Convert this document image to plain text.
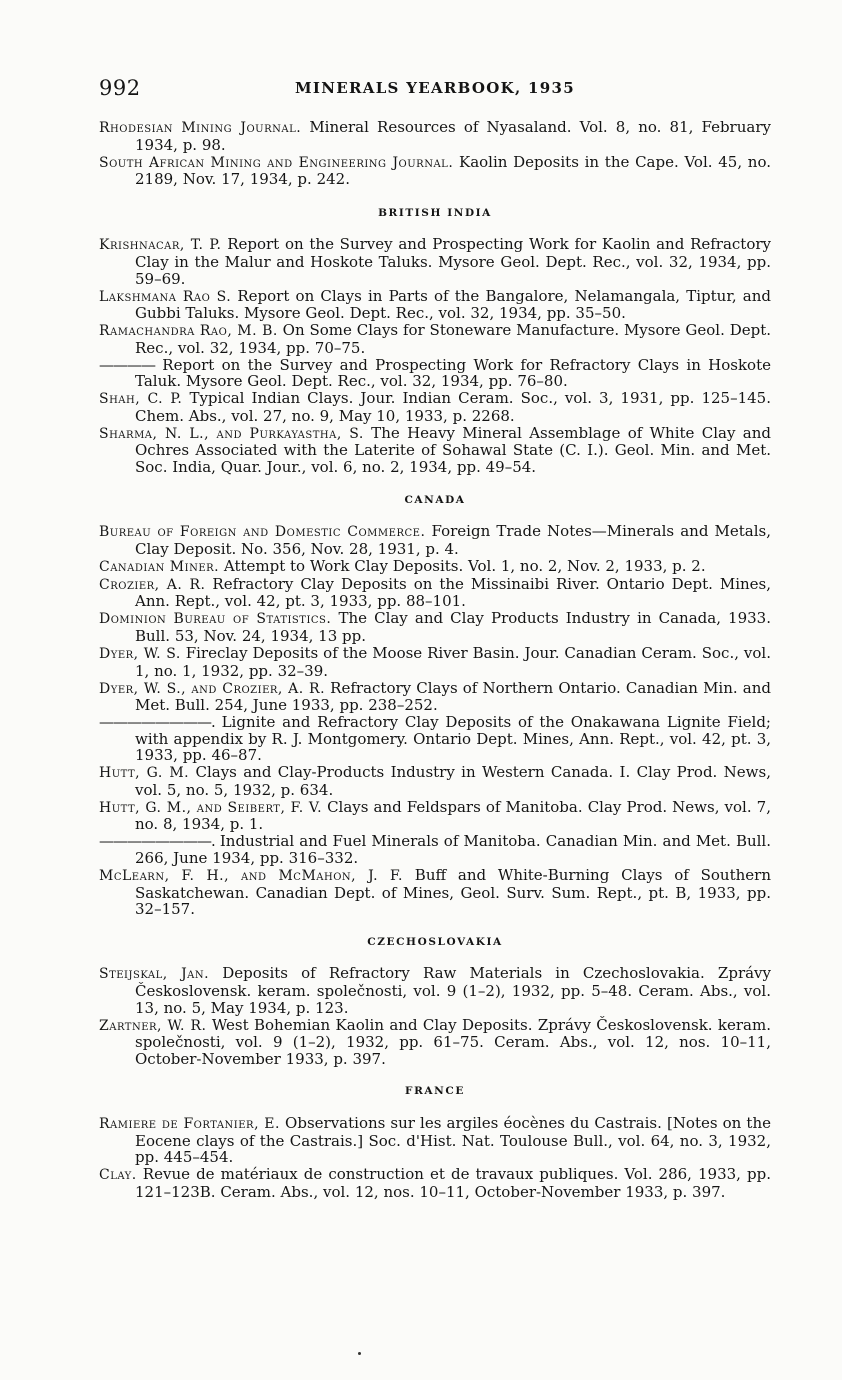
992	MINERALS YEARBOOK, 1935

Rhodesian Mining Journal. Mineral Resources of Nyasaland. Vol. 8, no. 81, February 1934, p. 98.

South African Mining and Engineering Journal. Kaolin Deposits in the Cape. Vol. 45, no. 2189, Nov. 17, 1934, p. 242.

BRITISH INDIA

Krishnacar, T. P. Report on the Survey and Prospecting Work for Kaolin and Refractory Clay in the Malur and Hoskote Taluks. Mysore Geol. Dept. Rec., vol. 32, 1934, pp. 59–69.

Lakshmana Rao S. Report on Clays in Parts of the Bangalore, Nelamangala, Tiptur, and Gubbi Taluks. Mysore Geol. Dept. Rec., vol. 32, 1934, pp. 35–50.

Ramachandra Rao, M. B. On Some Clays for Stoneware Manufacture. Mysore Geol. Dept. Rec., vol. 32, 1934, pp. 70–75.

———— Report on the Survey and Prospecting Work for Refractory Clays in Hoskote Taluk. Mysore Geol. Dept. Rec., vol. 32, 1934, pp. 76–80.

Shah, C. P. Typical Indian Clays. Jour. Indian Ceram. Soc., vol. 3, 1931, pp. 125–145. Chem. Abs., vol. 27, no. 9, May 10, 1933, p. 2268.

Sharma, N. L., and Purkayastha, S. The Heavy Mineral Assemblage of White Clay and Ochres Associated with the Laterite of Sohawal State (C. I.). Geol. Min. and Met. Soc. India, Quar. Jour., vol. 6, no. 2, 1934, pp. 49–54.

CANADA

Bureau of Foreign and Domestic Commerce. Foreign Trade Notes—Minerals and Metals, Clay Deposit. No. 356, Nov. 28, 1931, p. 4.

Canadian Miner. Attempt to Work Clay Deposits. Vol. 1, no. 2, Nov. 2, 1933, p. 2.

Crozier, A. R. Refractory Clay Deposits on the Missinaibi River. Ontario Dept. Mines, Ann. Rept., vol. 42, pt. 3, 1933, pp. 88–101.

Dominion Bureau of Statistics. The Clay and Clay Products Industry in Canada, 1933. Bull. 53, Nov. 24, 1934, 13 pp.

Dyer, W. S. Fireclay Deposits of the Moose River Basin. Jour. Canadian Ceram. Soc., vol. 1, no. 1, 1932, pp. 32–39.

Dyer, W. S., and Crozier, A. R. Refractory Clays of Northern Ontario. Canadian Min. and Met. Bull. 254, June 1933, pp. 238–252.

————————. Lignite and Refractory Clay Deposits of the Onakawana Lignite Field; with appendix by R. J. Montgomery. Ontario Dept. Mines, Ann. Rept., vol. 42, pt. 3, 1933, pp. 46–87.

Hutt, G. M. Clays and Clay-Products Industry in Western Canada. I. Clay Prod. News, vol. 5, no. 5, 1932, p. 634.

Hutt, G. M., and Seibert, F. V. Clays and Feldspars of Manitoba. Clay Prod. News, vol. 7, no. 8, 1934, p. 1.

————————. Industrial and Fuel Minerals of Manitoba. Canadian Min. and Met. Bull. 266, June 1934, pp. 316–332.

McLearn, F. H., and McMahon, J. F. Buff and White-Burning Clays of Southern Saskatchewan. Canadian Dept. of Mines, Geol. Surv. Sum. Rept., pt. B, 1933, pp. 32–157.

CZECHOSLOVAKIA

Steijskal, Jan. Deposits of Refractory Raw Materials in Czechoslovakia. Zprávy Československ. keram. společnosti, vol. 9 (1–2), 1932, pp. 5–48. Ceram. Abs., vol. 13, no. 5, May 1934, p. 123.

Zartner, W. R. West Bohemian Kaolin and Clay Deposits. Zprávy Československ. keram. společnosti, vol. 9 (1–2), 1932, pp. 61–75. Ceram. Abs., vol. 12, nos. 10–11, October-November 1933, p. 397.

FRANCE

Ramiere de Fortanier, E. Observations sur les argiles éocènes du Castrais. [Notes on the Eocene clays of the Castrais.] Soc. d'Hist. Nat. Toulouse Bull., vol. 64, no. 3, 1932, pp. 445–454.

Clay. Revue de matériaux de construction et de travaux publiques. Vol. 286, 1933, pp. 121–123B. Ceram. Abs., vol. 12, nos. 10–11, October-November 1933, p. 397.
